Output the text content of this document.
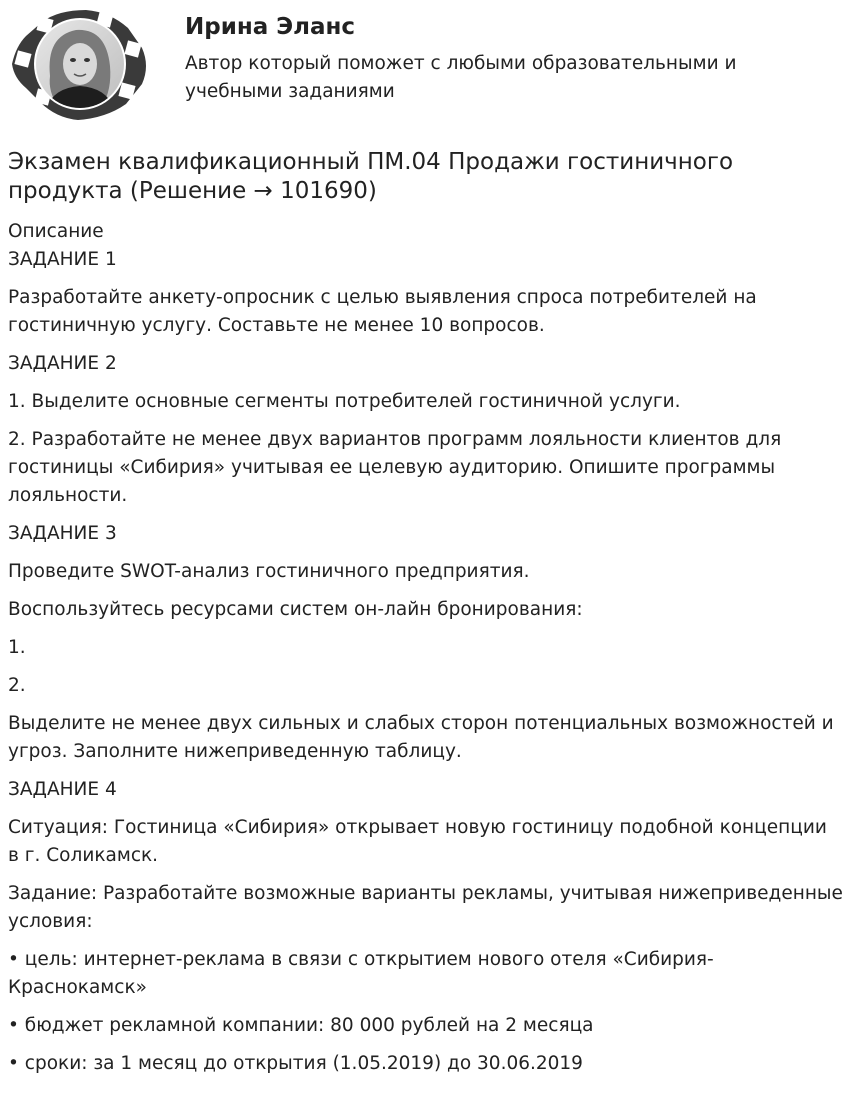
Ирина Эланс
Автор который поможет с любыми образовательными и учебными заданиями
Экзамен квалификационный ПМ.04 Продажи гостиничного продукта (Решение → 101690)
Описание

ЗАДАНИЕ 1

Разработайте анкету-опросник с целью выявления спроса потребителей на гостиничную услугу. Составьте не менее 10 вопросов.

ЗАДАНИЕ 2

1. Выделите основные сегменты потребителей гостиничной услуги.

2. Разработайте не менее двух вариантов программ лояльности клиентов для гостиницы «Сибирия» учитывая ее целевую аудиторию. Опишите программы лояльности.

ЗАДАНИЕ 3

Проведите SWOT-анализ гостиничного предприятия.

Воспользуйтесь ресурсами систем он-лайн бронирования:

1.

2.

Выделите не менее двух сильных и слабых сторон потенциальных возможностей и угроз. Заполните нижеприведенную таблицу.

ЗАДАНИЕ 4

Ситуация: Гостиница «Сибирия» открывает новую гостиницу подобной концепции в г. Соликамск.

Задание: Разработайте возможные варианты рекламы, учитывая нижеприведенные условия:

• цель: интернет-реклама в связи с открытием нового отеля «Сибирия-Краснокамск»

• бюджет рекламной компании: 80 000 рублей на 2 месяца

• сроки: за 1 месяц до открытия (1.05.2019) до 30.06.2019
